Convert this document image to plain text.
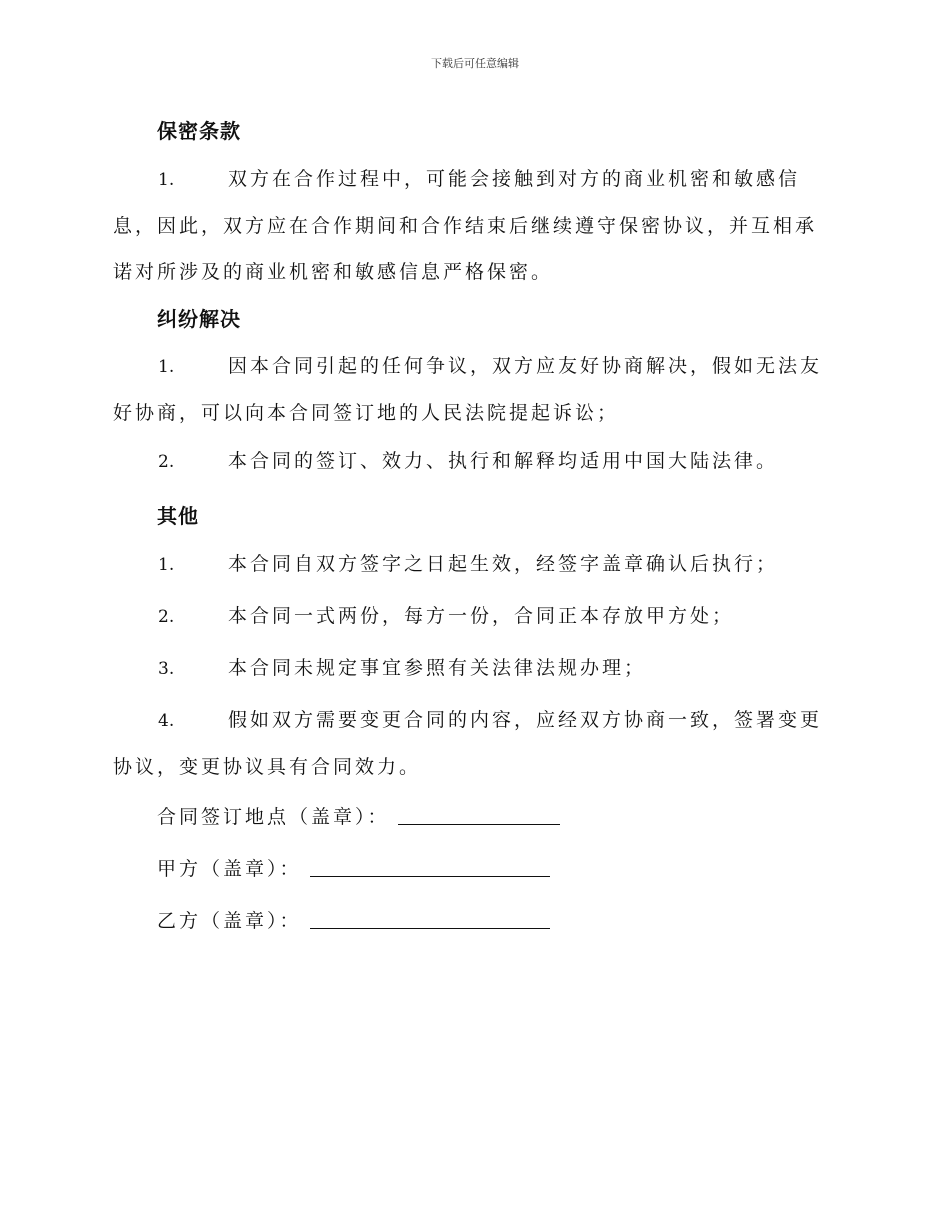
下载后可任意编辑
保密条款
1.	双方在合作过程中，可能会接触到对方的商业机密和敏感信息，因此，双方应在合作期间和合作结束后继续遵守保密协议，并互相承诺对所涉及的商业机密和敏感信息严格保密。
纠纷解决
1.	因本合同引起的任何争议，双方应友好协商解决，假如无法友好协商，可以向本合同签订地的人民法院提起诉讼；
2.	本合同的签订、效力、执行和解释均适用中国大陆法律。
其他
1.	本合同自双方签字之日起生效，经签字盖章确认后执行；
2.	本合同一式两份，每方一份，合同正本存放甲方处；
3.	本合同未规定事宜参照有关法律法规办理；
4.	假如双方需要变更合同的内容，应经双方协商一致，签署变更协议，变更协议具有合同效力。
合同签订地点（盖章）：
甲方（盖章）：
乙方（盖章）：
